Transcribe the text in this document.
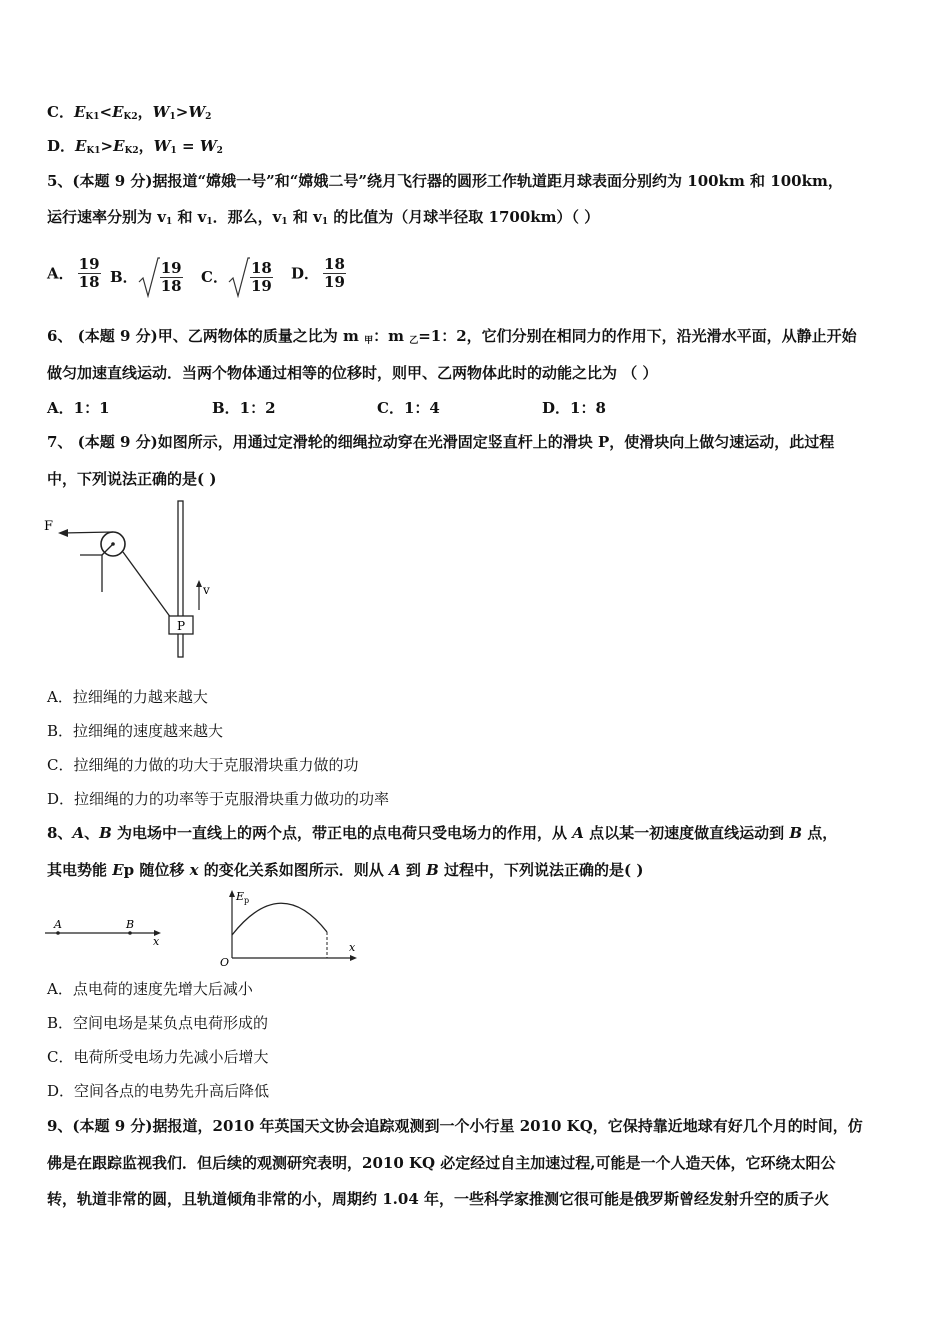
C．$E_{K1}<E_{K2}$，$W_1>W_2$
D．$E_{K1}>E_{K2}$，$W_1 = W_2$
5、(本题 9 分)据报道“嫦娥一号”和“嫦娥二号”绕月飞行器的圆形工作轨道距月球表面分别约为 100km 和 100km，
运行速率分别为 $v_1$ 和 $v_1$．那么，$v_1$ 和 $v_1$ 的比值为（月球半径取 1700km）（ ）
A． $\frac{19}{18}$ B． $\frac{19}{18}$ C． $\frac{18}{19}$ D． $\frac{18}{19}$
6、 (本题 9 分)甲、乙两物体的质量之比为 m $_甲$：m $_乙$=1：2，它们分别在相同力的作用下，沿光滑水平面，从静止开始
做匀加速直线运动．当两个物体通过相等的位移时，则甲、乙两物体此时的动能之比为 （ ）
A．1：1	B．1：2	C．1：4	D．1：8
7、 (本题 9 分)如图所示，用通过定滑轮的细绳拉动穿在光滑固定竖直杆上的滑块 P，使滑块向上做匀速运动，此过程
中，下列说法正确的是( )
F
P
v
A．拉细绳的力越来越大
B．拉细绳的速度越来越大
C．拉细绳的力做的功大于克服滑块重力做的功
D．拉细绳的力的功率等于克服滑块重力做功的功率
8、A、B 为电场中一直线上的两个点，带正电的点电荷只受电场力的作用，从 A 点以某一初速度做直线运动到 B 点，
其电势能 Ep 随位移 x 的变化关系如图所示．则从 A 到 B 过程中，下列说法正确的是( )
A	B
x
E p
O
x
A．点电荷的速度先增大后减小
B．空间电场是某负点电荷形成的
C．电荷所受电场力先减小后增大
D．空间各点的电势先升高后降低
9、(本题 9 分)据报道，2010 年英国天文协会追踪观测到一个小行星 2010 KQ，它保持靠近地球有好几个月的时间，仿
佛是在跟踪监视我们．但后续的观测研究表明，2010 KQ 必定经过自主加速过程,可能是一个人造天体，它环绕太阳公
转，轨道非常的圆，且轨道倾角非常的小，周期约 1.04 年，一些科学家推测它很可能是俄罗斯曾经发射升空的质子火
